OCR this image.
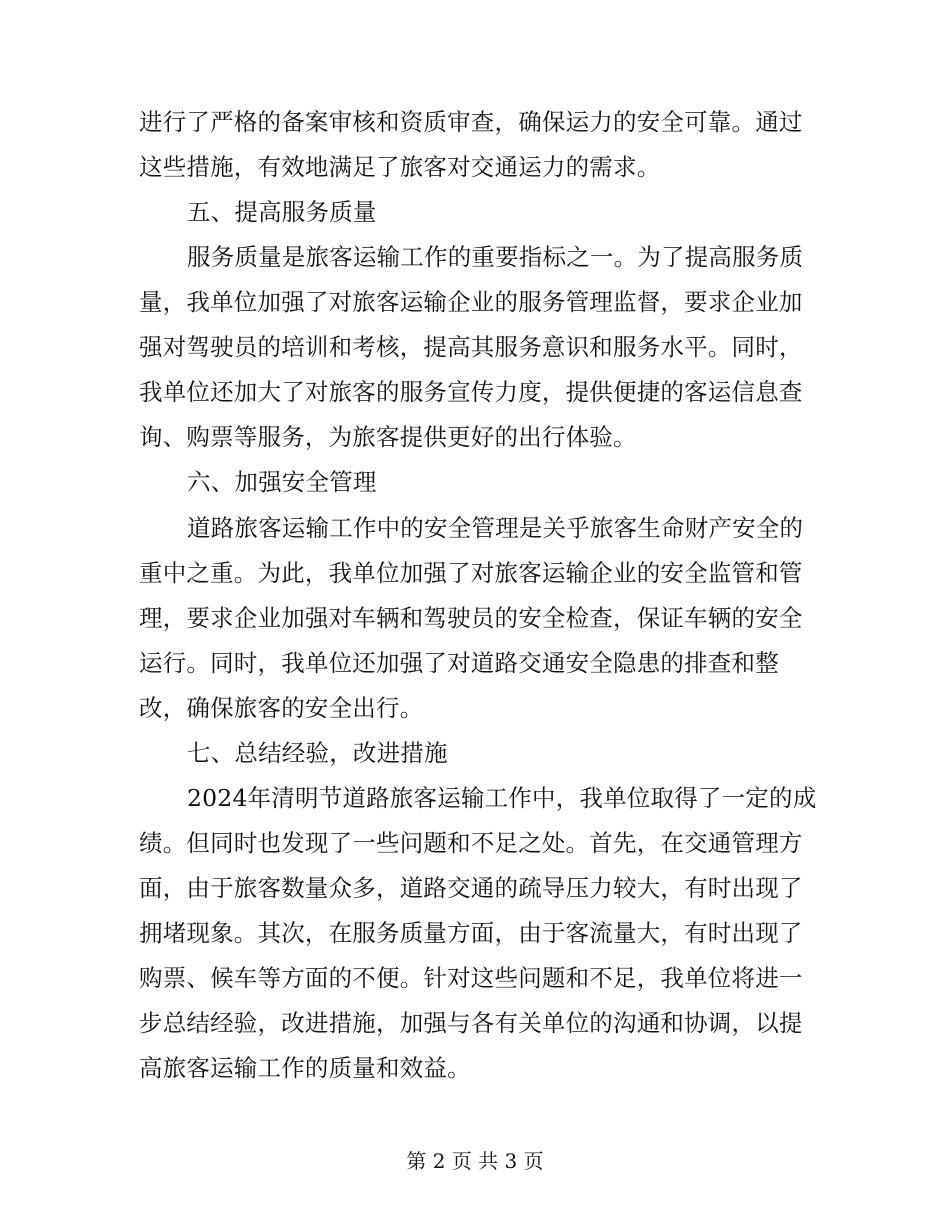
进行了严格的备案审核和资质审查，确保运力的安全可靠。通过
这些措施，有效地满足了旅客对交通运力的需求。
五、提高服务质量
服务质量是旅客运输工作的重要指标之一。为了提高服务质
量，我单位加强了对旅客运输企业的服务管理监督，要求企业加
强对驾驶员的培训和考核，提高其服务意识和服务水平。同时，
我单位还加大了对旅客的服务宣传力度，提供便捷的客运信息查
询、购票等服务，为旅客提供更好的出行体验。
六、加强安全管理
道路旅客运输工作中的安全管理是关乎旅客生命财产安全的
重中之重。为此，我单位加强了对旅客运输企业的安全监管和管
理，要求企业加强对车辆和驾驶员的安全检查，保证车辆的安全
运行。同时，我单位还加强了对道路交通安全隐患的排查和整
改，确保旅客的安全出行。
七、总结经验，改进措施
2024年清明节道路旅客运输工作中，我单位取得了一定的成
绩。但同时也发现了一些问题和不足之处。首先，在交通管理方
面，由于旅客数量众多，道路交通的疏导压力较大，有时出现了
拥堵现象。其次，在服务质量方面，由于客流量大，有时出现了
购票、候车等方面的不便。针对这些问题和不足，我单位将进一
步总结经验，改进措施，加强与各有关单位的沟通和协调，以提
高旅客运输工作的质量和效益。
第 2 页 共 3 页
